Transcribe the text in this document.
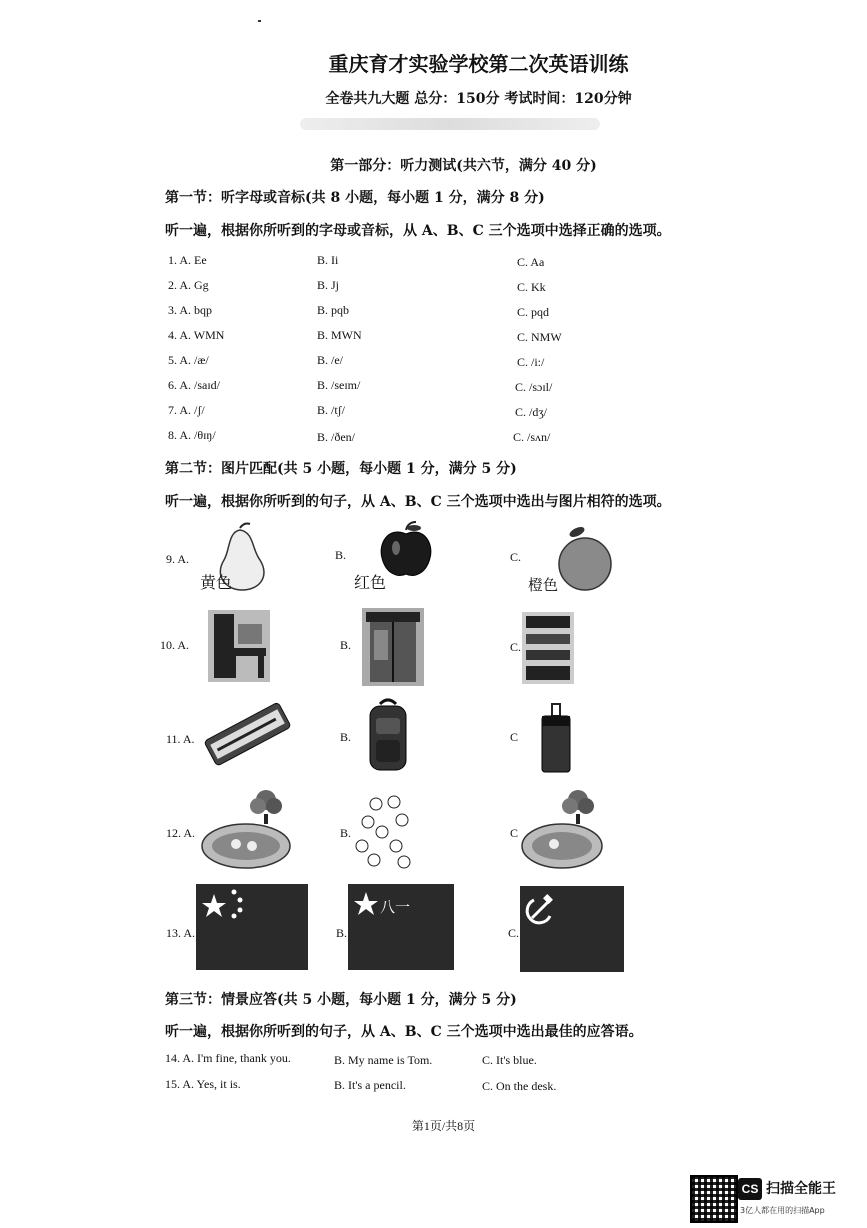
重庆育才实验学校第二次英语训练
全卷共九大题 总分：150分 考试时间：120分钟
第一部分：听力测试(共六节，满分 40 分)
第一节：听字母或音标(共 8 小题，每小题 1 分，满分 8 分)
听一遍，根据你所听到的字母或音标，从 A、B、C 三个选项中选择正确的选项。
1. A. Ee	B. Ii	C. Aa
2. A. Gg	B. Jj	C. Kk
3. A. bqp	B. pqb	C. pqd
4. A. WMN	B. MWN	C. NMW
5. A. /æ/	B. /e/	C. /i:/
6. A. /saɪd/	B. /seɪm/	C. /sɔɪl/
7. A. /ʃ/	B. /tʃ/	C. /dʒ/
8. A. /θɪŋ/	B. /ðen/	C. /sʌn/
第二节：图片匹配(共 5 小题，每小题 1 分，满分 5 分)
听一遍，根据你所听到的句子，从 A、B、C 三个选项中选出与图片相符的选项。
9. A.
黄色
B.
红色
C.
橙色
10. A.	B.	C.
11. A.	B.	C
12. A.	B.	C
13. A.	B.
八一
C.
第三节：情景应答(共 5 小题，每小题 1 分，满分 5 分)
听一遍，根据你所听到的句子，从 A、B、C 三个选项中选出最佳的应答语。
14. A. I'm fine, thank you.	B. My name is Tom.	C. It's blue.
15. A. Yes, it is.	B. It's a pencil.	C. On the desk.
第1页/共8页
CS 扫描全能王
3亿人都在用的扫描App
